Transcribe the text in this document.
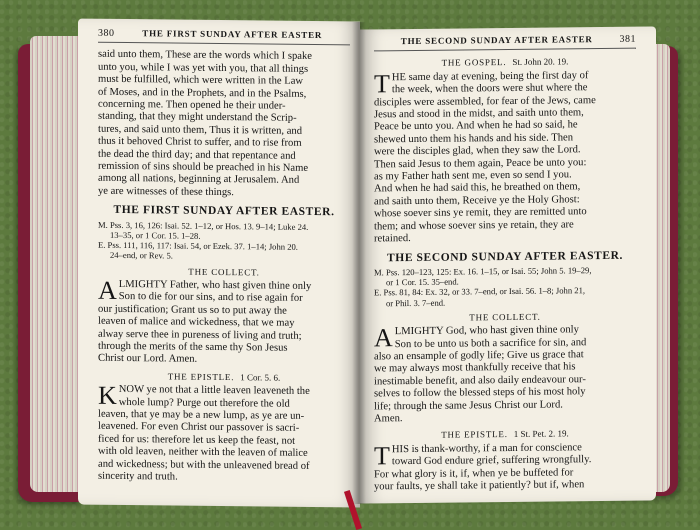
380	THE FIRST SUNDAY AFTER EASTER
said unto them, These are the words which I spake
unto you, while I was yet with you, that all things
must be fulfilled, which were written in the Law
of Moses, and in the Prophets, and in the Psalms,
concerning me. Then opened he their under-
standing, that they might understand the Scrip-
tures, and said unto them, Thus it is written, and
thus it behoved Christ to suffer, and to rise from
the dead the third day; and that repentance and
remission of sins should be preached in his Name
among all nations, beginning at Jerusalem. And
ye are witnesses of these things.
THE FIRST SUNDAY AFTER EASTER.
M. Pss. 3, 16, 126: Isai. 52. 1–12, or Hos. 13. 9–14; Luke 24.
13–35, or 1 Cor. 15. 1–28.
E. Pss. 111, 116, 117: Isai. 54, or Ezek. 37. 1–14; John 20.
24–end, or Rev. 5.
THE COLLECT.
A LMIGHTY Father, who hast given thine only
Son to die for our sins, and to rise again for
our justification; Grant us so to put away the
leaven of malice and wickedness, that we may
alway serve thee in pureness of living and truth;
through the merits of the same thy Son Jesus
Christ our Lord. Amen.
THE EPISTLE. 1 Cor. 5. 6.
K NOW ye not that a little leaven leaveneth the
whole lump? Purge out therefore the old
leaven, that ye may be a new lump, as ye are un-
leavened. For even Christ our passover is sacri-
ficed for us: therefore let us keep the feast, not
with old leaven, neither with the leaven of malice
and wickedness; but with the unleavened bread of
sincerity and truth.
THE SECOND SUNDAY AFTER EASTER	381
THE GOSPEL. St. John 20. 19.
T HE same day at evening, being the first day of
the week, when the doors were shut where the
disciples were assembled, for fear of the Jews, came
Jesus and stood in the midst, and saith unto them,
Peace be unto you. And when he had so said, he
shewed unto them his hands and his side. Then
were the disciples glad, when they saw the Lord.
Then said Jesus to them again, Peace be unto you:
as my Father hath sent me, even so send I you.
And when he had said this, he breathed on them,
and saith unto them, Receive ye the Holy Ghost:
whose soever sins ye remit, they are remitted unto
them; and whose soever sins ye retain, they are
retained.
THE SECOND SUNDAY AFTER EASTER.
M. Pss. 120–123, 125: Ex. 16. 1–15, or Isai. 55; John 5. 19–29,
or 1 Cor. 15. 35–end.
E. Pss. 81, 84: Ex. 32, or 33. 7–end, or Isai. 56. 1–8; John 21,
or Phil. 3. 7–end.
THE COLLECT.
A LMIGHTY God, who hast given thine only
Son to be unto us both a sacrifice for sin, and
also an ensample of godly life; Give us grace that
we may always most thankfully receive that his
inestimable benefit, and also daily endeavour our-
selves to follow the blessed steps of his most holy
life; through the same Jesus Christ our Lord.
Amen.
THE EPISTLE. 1 St. Pet. 2. 19.
T HIS is thank-worthy, if a man for conscience
toward God endure grief, suffering wrongfully.
For what glory is it, if, when ye be buffeted for
your faults, ye shall take it patiently? but if, when
